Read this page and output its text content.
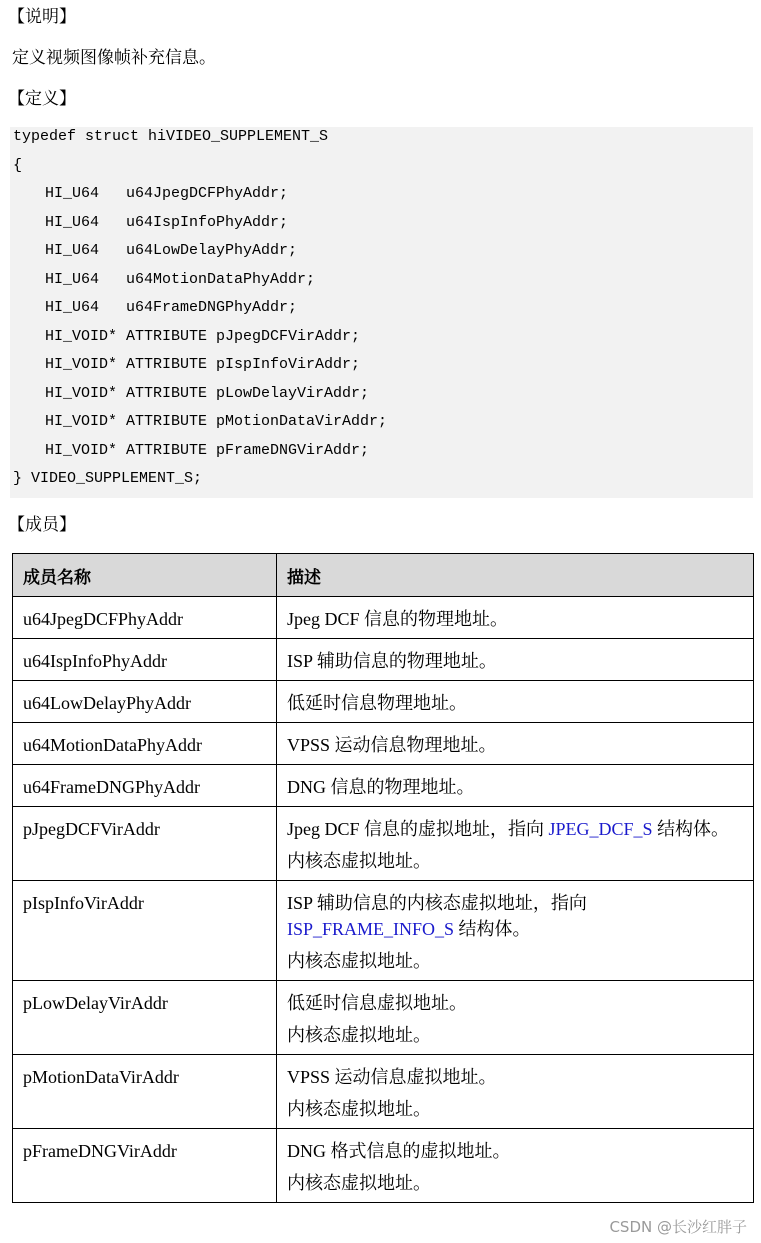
【说明】
定义视频图像帧补充信息。
【定义】
typedef struct hiVIDEO_SUPPLEMENT_S
{
HI_U64   u64JpegDCFPhyAddr;
HI_U64   u64IspInfoPhyAddr;
HI_U64   u64LowDelayPhyAddr;
HI_U64   u64MotionDataPhyAddr;
HI_U64   u64FrameDNGPhyAddr;
HI_VOID* ATTRIBUTE pJpegDCFVirAddr;
HI_VOID* ATTRIBUTE pIspInfoVirAddr;
HI_VOID* ATTRIBUTE pLowDelayVirAddr;
HI_VOID* ATTRIBUTE pMotionDataVirAddr;
HI_VOID* ATTRIBUTE pFrameDNGVirAddr;
} VIDEO_SUPPLEMENT_S;
【成员】
成员名称	描述
u64JpegDCFPhyAddr	Jpeg DCF 信息的物理地址。

u64IspInfoPhyAddr	ISP 辅助信息的物理地址。

u64LowDelayPhyAddr	低延时信息物理地址。

u64MotionDataPhyAddr	VPSS 运动信息物理地址。

u64FrameDNGPhyAddr	DNG 信息的物理地址。

pJpegDCFVirAddr	Jpeg DCF 信息的虚拟地址，指向 JPEG_DCF_S 结构体。
内核态虚拟地址。

pIspInfoVirAddr	ISP 辅助信息的内核态虚拟地址，指向 ISP_FRAME_INFO_S 结构体。
内核态虚拟地址。

pLowDelayVirAddr	低延时信息虚拟地址。
内核态虚拟地址。

pMotionDataVirAddr	VPSS 运动信息虚拟地址。
内核态虚拟地址。

pFrameDNGVirAddr	DNG 格式信息的虚拟地址。
内核态虚拟地址。
CSDN @长沙红胖子
